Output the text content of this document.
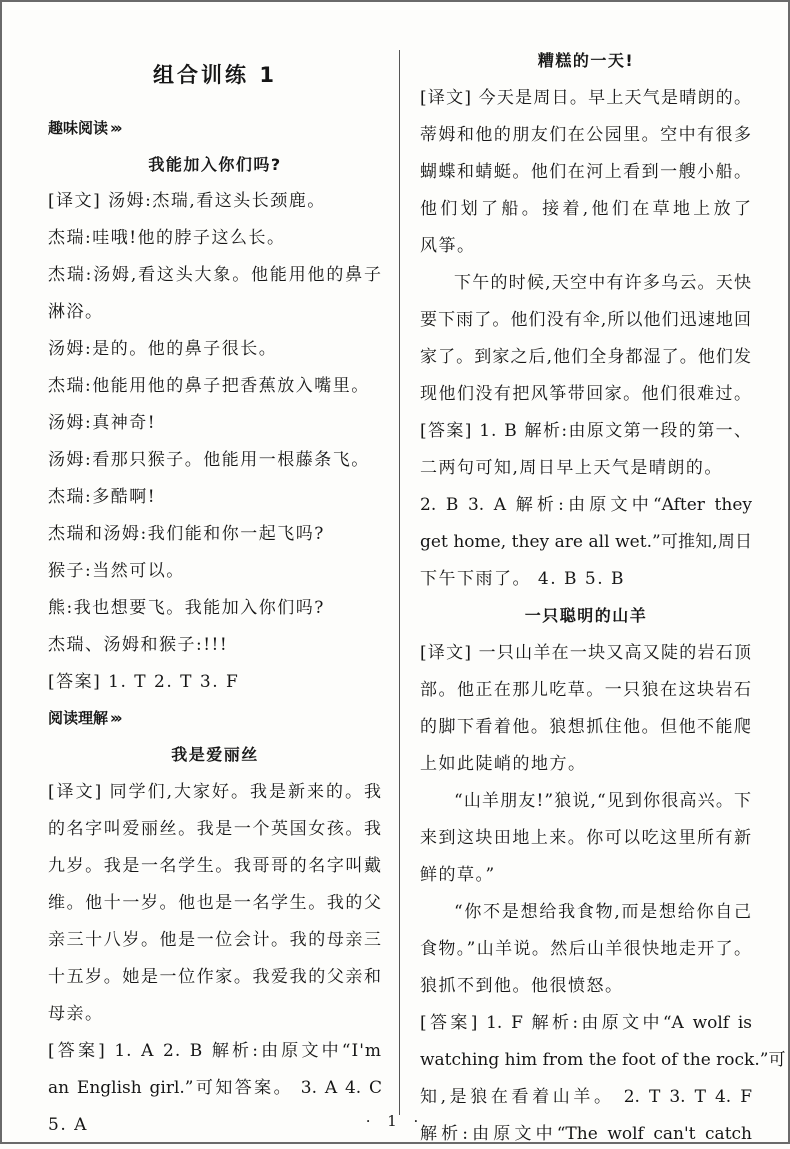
组合训练 1
趣味阅读 ›››
我能加入你们吗?
[译文] 汤姆:杰瑞,看这头长颈鹿。
杰瑞:哇哦!他的脖子这么长。
杰瑞:汤姆,看这头大象。他能用他的鼻子
淋浴。
汤姆:是的。他的鼻子很长。
杰瑞:他能用他的鼻子把香蕉放入嘴里。
汤姆:真神奇!
汤姆:看那只猴子。他能用一根藤条飞。
杰瑞:多酷啊!
杰瑞和汤姆:我们能和你一起飞吗?
猴子:当然可以。
熊:我也想要飞。我能加入你们吗?
杰瑞、汤姆和猴子:!!!
[答案] 1. T 2. T 3. F
阅读理解 ›››
我是爱丽丝
[译文] 同学们,大家好。我是新来的。我
的名字叫爱丽丝。我是一个英国女孩。我
九岁。我是一名学生。我哥哥的名字叫戴
维。他十一岁。他也是一名学生。我的父
亲三十八岁。他是一位会计。我的母亲三
十五岁。她是一位作家。我爱我的父亲和
母亲。
[答案] 1. A 2. B 解析:由原文中“I'm
an English girl.”可知答案。 3. A 4. C
5. A
糟糕的一天!
[译文] 今天是周日。早上天气是晴朗的。
蒂姆和他的朋友们在公园里。空中有很多
蝴蝶和蜻蜓。他们在河上看到一艘小船。
他们划了船。接着,他们在草地上放了
风筝。
下午的时候,天空中有许多乌云。天快
要下雨了。他们没有伞,所以他们迅速地回
家了。到家之后,他们全身都湿了。他们发
现他们没有把风筝带回家。他们很难过。
[答案] 1. B 解析:由原文第一段的第一、
二两句可知,周日早上天气是晴朗的。
2. B 3. A 解析:由原文中“After they
get home, they are all wet.”可推知,周日
下午下雨了。 4. B 5. B
一只聪明的山羊
[译文] 一只山羊在一块又高又陡的岩石顶
部。他正在那儿吃草。一只狼在这块岩石
的脚下看着他。狼想抓住他。但他不能爬
上如此陡峭的地方。
“山羊朋友!”狼说,“见到你很高兴。下
来到这块田地上来。你可以吃这里所有新
鲜的草。”
“你不是想给我食物,而是想给你自己
食物。”山羊说。然后山羊很快地走开了。
狼抓不到他。他很愤怒。
[答案] 1. F 解析:由原文中“A wolf is
watching him from the foot of the rock.”可
知,是狼在看着山羊。 2. T 3. T 4. F
解析:由原文中“The wolf can't catch
· 1 ·
